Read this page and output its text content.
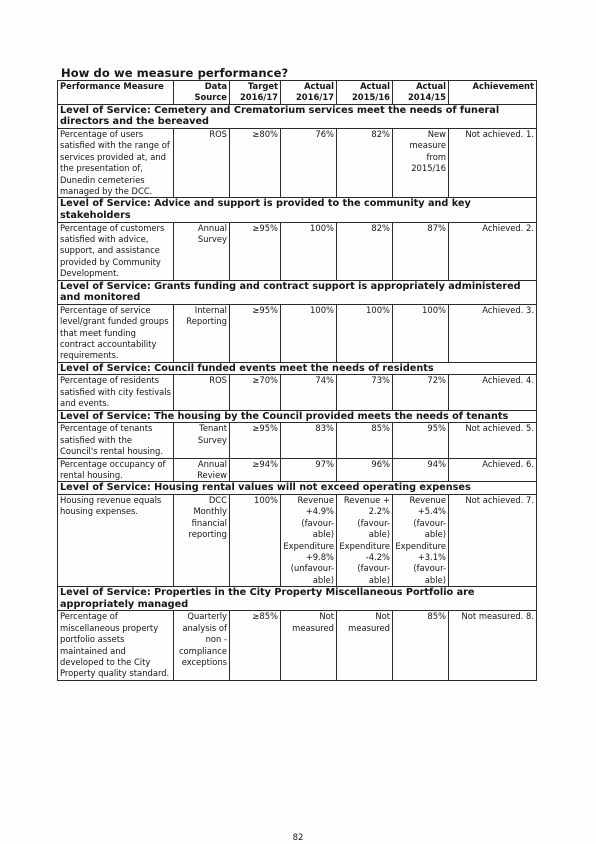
How do we measure performance?
Performance Measure	Data Source	Target 2016/17	Actual 2016/17	Actual 2015/16	Actual 2014/15	Achievement
Level of Service: Cemetery and Crematorium services meet the needs of funeral directors and the bereaved						
Percentage of users satisfied with the range of services provided at, and the presentation of, Dunedin cemeteries managed by the DCC.	ROS	≥80%	76%	82%	New measure from 2015/16	Not achieved. 1.
Level of Service: Advice and support is provided to the community and key stakeholders						
Percentage of customers satisfied with advice, support, and assistance provided by Community Development.	Annual Survey	≥95%	100%	82%	87%	Achieved. 2.
Level of Service: Grants funding and contract support is appropriately administered and monitored						
Percentage of service level/grant funded groups that meet funding contract accountability requirements.	Internal Reporting	≥95%	100%	100%	100%	Achieved. 3.
Level of Service: Council funded events meet the needs of residents						
Percentage of residents satisfied with city festivals and events.	ROS	≥70%	74%	73%	72%	Achieved. 4.
Level of Service: The housing by the Council provided meets the needs of tenants						
Percentage of tenants satisfied with the Council's rental housing.	Tenant Survey	≥95%	83%	85%	95%	Not achieved. 5.
Percentage occupancy of rental housing.	Annual Review	≥94%	97%	96%	94%	Achieved. 6.
Level of Service: Housing rental values will not exceed operating expenses						
Housing revenue equals housing expenses.	DCC Monthly financial reporting	100%	Revenue +4.9% (favour-able) Expenditure +9.8% (unfavour-able)	Revenue + 2.2% (favour-able) Expenditure -4.2% (favour-able)	Revenue +5.4% (favour-able) Expenditure +3.1% (favour-able)	Not achieved. 7.
Level of Service: Properties in the City Property Miscellaneous Portfolio are appropriately managed						
Percentage of miscellaneous property portfolio assets maintained and developed to the City Property quality standard.	Quarterly analysis of non - compliance exceptions	≥85%	Not measured	Not measured	85%	Not measured. 8.
82
